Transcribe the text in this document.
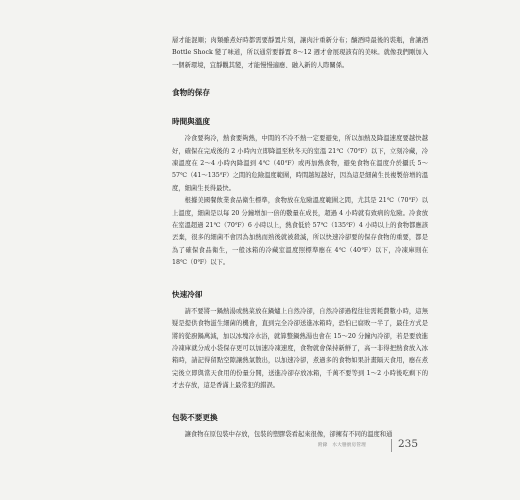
層才能混順；肉類雖煮好時都需要靜置片刻，讓肉汁重新分布；釀酒時最後的裝瓶，會讓酒 Bottle Shock 變了味道，所以通常要靜置 8～12 週才會展現該有的美味。就像我們剛加入一個新環境，宜靜觀其變，才能慢慢適應、融入新的人際關係。

食物的保存
時間與溫度

冷食要夠冷，熱食要夠熱，中間的不冷不熱一定要避免，所以加熱及降溫速度要越快越好，確保在完成後的 2 小時內立即降溫至秋冬天的室溫 21℃（70℉）以下，立刻冷藏，冷凍溫度在 2～4 小時內降溫到 4℃（40℉）或再加熱食物，避免食物在溫度介於攝氏 5～57℃（41～135℉）之間的危險溫度範圍，時間越短越好，因為這是細菌生長複製倍增的溫度，細菌生長得最快。

根據美國餐飲業食品衛生標準，食物放在危險溫度範圍之間，尤其是 21℃（70℉）以上溫度，細菌是以每 20 分鐘增加一倍的數量在成長，超過 4 小時就有致病的危險。冷食放在室溫超過 21℃（70℉）6 小時以上，熱食低於 57℃（135℉）4 小時以上的食物都應該丟棄，很多的細菌不會因為加熱而熟後就被殺滅，所以快速冷卻要的保存食物的重要，都是為了確保食品衛生，一般冰箱的冷藏室溫度照標準應在 4℃（40℉）以下，冷凍庫則在 18℃（0℉）以下。

快速冷卻

請不要將一鍋熱湯或熱菜放在鍋爐上自然冷卻，自然冷卻過程往往需耗費數小時，這無疑是提供食物滋生細菌的機會，直到完全冷卻送進冰箱時，恐怕已腐敗一半了，最佳方式是將的從廚鍋萬減，加以冰塊冷水浴，就算整鍋熱湯也會在 15～20 分鐘內冷卻，若是要放進冷凍庫就分成小袋保存更可以加速冷凍速度，食物就會保持新鮮了，高一非得把熱食放入冰箱時，請記得留點空隙讓熱氣散出，以加速冷卻，煮過多的食物如果計畫隔天食用，應在煮完後立即與當天食用的份量分開，送進冷卻存放冰箱，千萬不要等到 1～2 小時後吃剩下的才去存放，這是香滿上最常犯的錯誤。

包裝不要更換

讓食物在原包裝中存放，包裝的塑膠袋看起來很像，卻擁有不同的溫度和通

附錄　水大膳廚房管理	235
